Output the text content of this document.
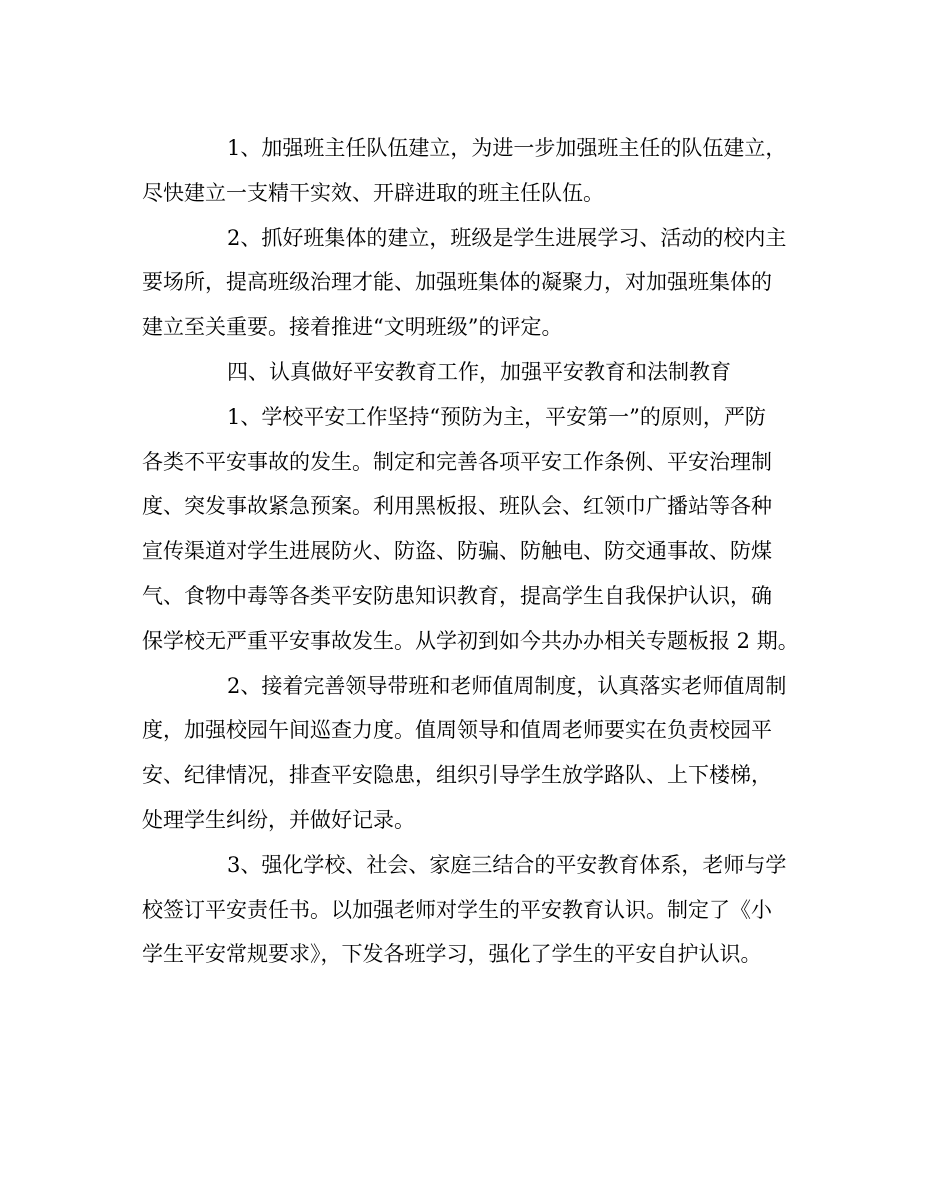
1、加强班主任队伍建立，为进一步加强班主任的队伍建立，
尽快建立一支精干实效、开辟进取的班主任队伍。

2、抓好班集体的建立，班级是学生进展学习、活动的校内主
要场所，提高班级治理才能、加强班集体的凝聚力，对加强班集体的
建立至关重要。接着推进“文明班级”的评定。

四、认真做好平安教育工作，加强平安教育和法制教育

1、学校平安工作坚持“预防为主，平安第一”的原则，严防
各类不平安事故的发生。制定和完善各项平安工作条例、平安治理制
度、突发事故紧急预案。利用黑板报、班队会、红领巾广播站等各种
宣传渠道对学生进展防火、防盗、防骗、防触电、防交通事故、防煤
气、食物中毒等各类平安防患知识教育，提高学生自我保护认识，确
保学校无严重平安事故发生。从学初到如今共办办相关专题板报 2 期。

2、接着完善领导带班和老师值周制度，认真落实老师值周制
度，加强校园午间巡查力度。值周领导和值周老师要实在负责校园平
安、纪律情况，排查平安隐患，组织引导学生放学路队、上下楼梯，
处理学生纠纷，并做好记录。

3、强化学校、社会、家庭三结合的平安教育体系，老师与学
校签订平安责任书。以加强老师对学生的平安教育认识。制定了《小
学生平安常规要求》，下发各班学习，强化了学生的平安自护认识。
